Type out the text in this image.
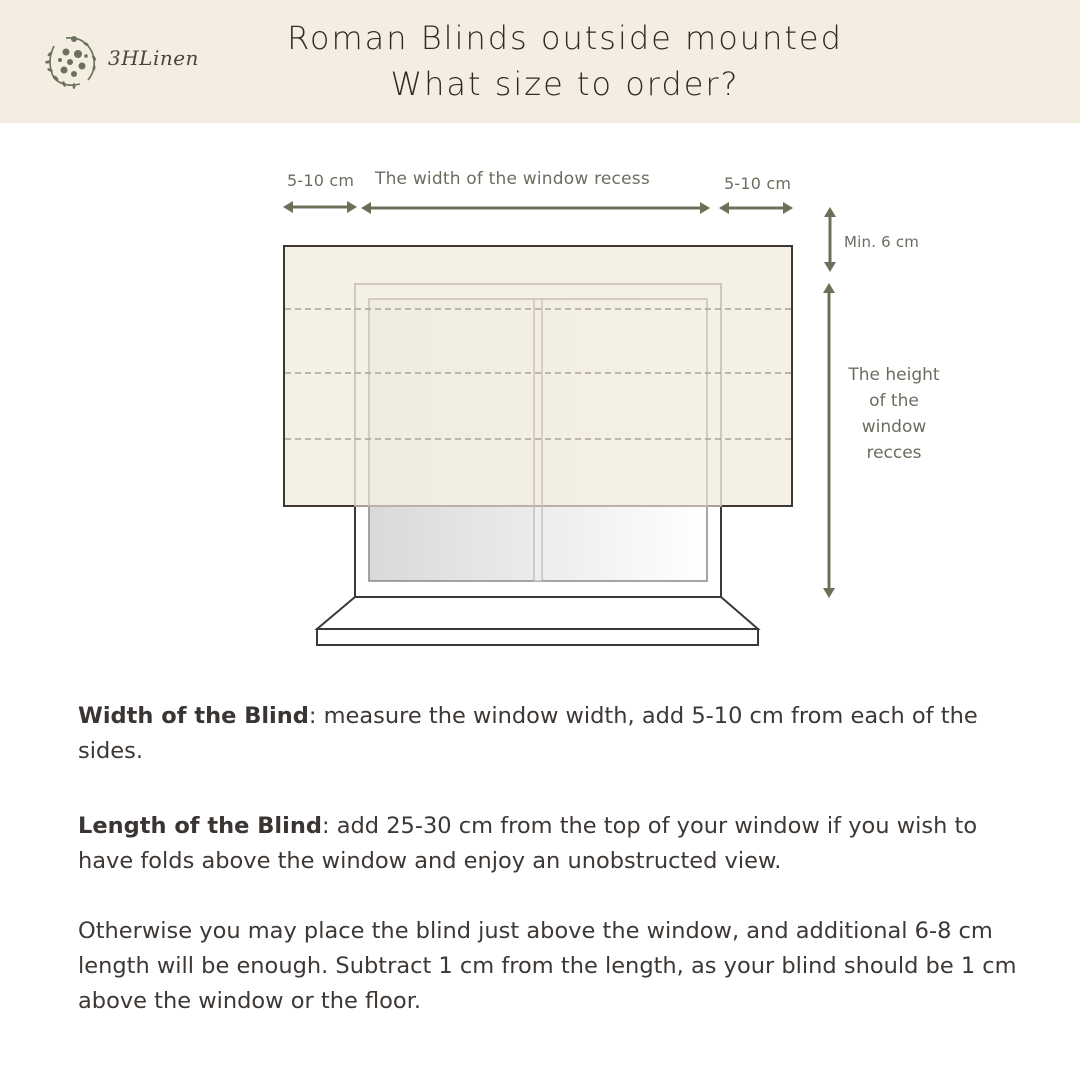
3HLinen
Roman Blinds outside mounted
What size to order?
5-10 cm The width of the window recess	5-10 cm
Min. 6 cm
The height
of the
window
recces
Width of the Blind: measure the window width, add 5-10 cm from each of the sides.
Length of the Blind: add 25-30 cm from the top of your window if you wish to have folds above the window and enjoy an unobstructed view.
Otherwise you may place the blind just above the window, and additional 6-8 cm length will be enough. Subtract 1 cm from the length, as your blind should be 1 cm above the window or the floor.
